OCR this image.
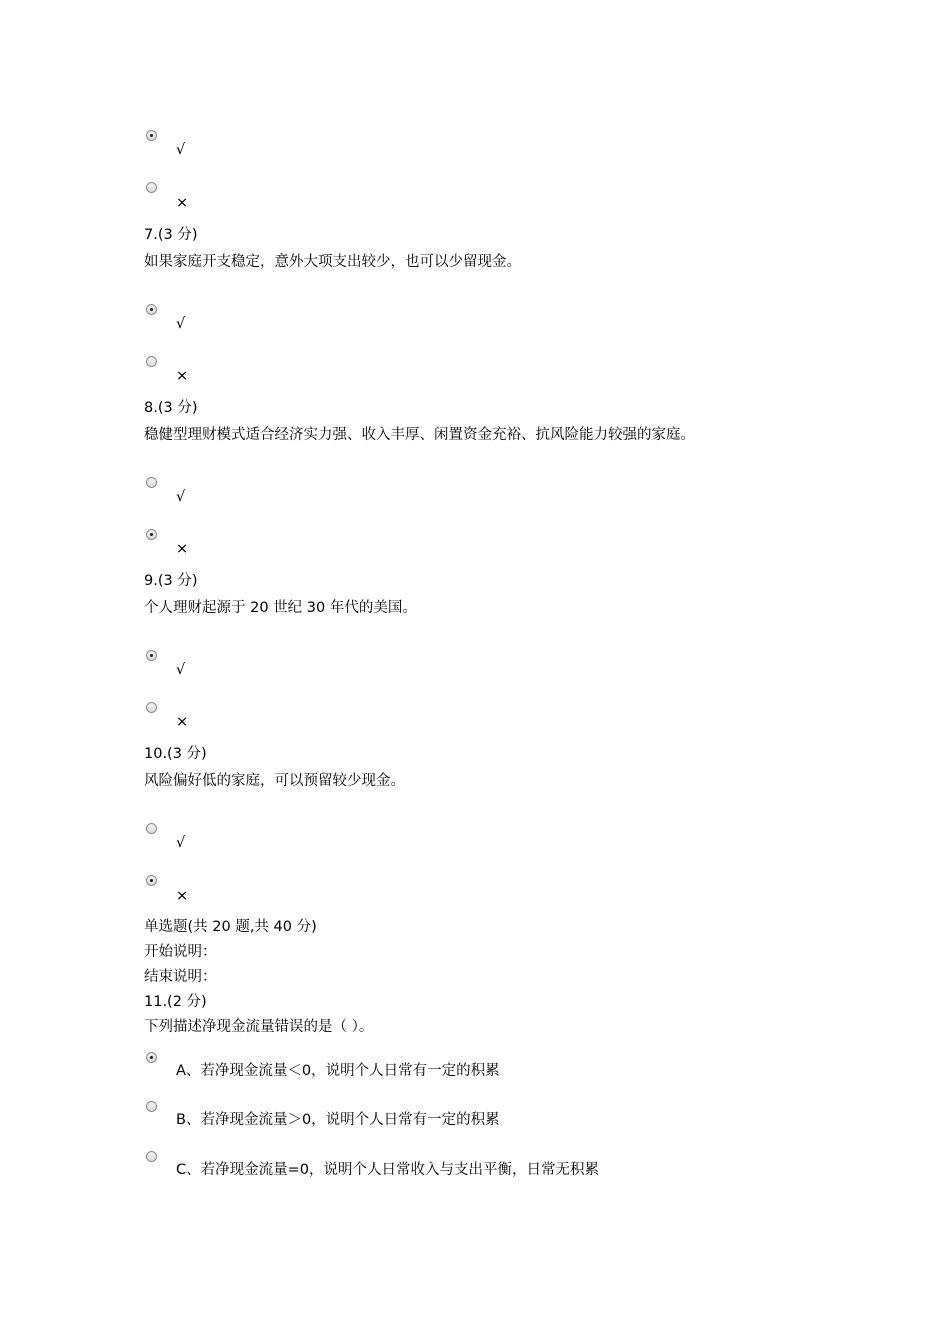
√
×
7.(3 分)
如果家庭开支稳定，意外大项支出较少，也可以少留现金。
√
×
8.(3 分)
稳健型理财模式适合经济实力强、收入丰厚、闲置资金充裕、抗风险能力较强的家庭。
√
×
9.(3 分)
个人理财起源于 20 世纪 30 年代的美国。
√
×
10.(3 分)
风险偏好低的家庭，可以预留较少现金。
√
×
单选题(共 20 题,共 40 分)
开始说明：
结束说明：
11.(2 分)
下列描述净现金流量错误的是（ ）。
A、若净现金流量＜0，说明个人日常有一定的积累
B、若净现金流量＞0，说明个人日常有一定的积累
C、若净现金流量=0，说明个人日常收入与支出平衡，日常无积累
